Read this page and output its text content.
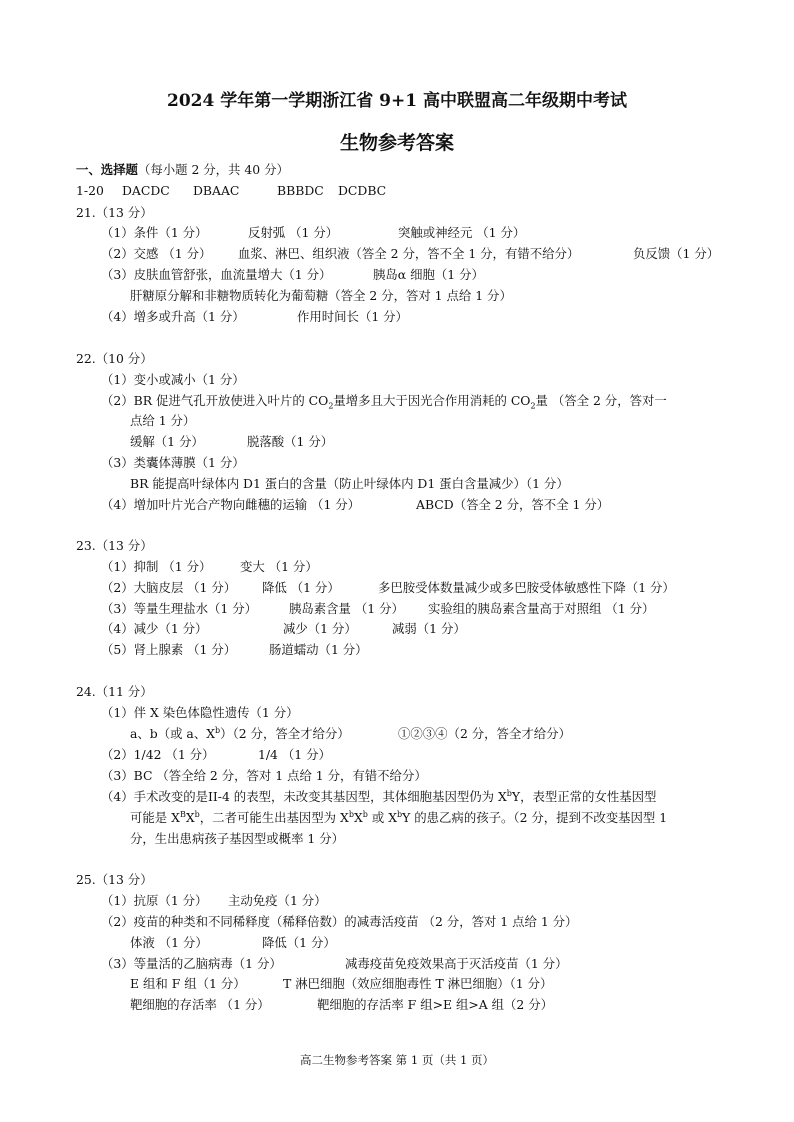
2024 学年第一学期浙江省 9+1 高中联盟高二年级期中考试
生物参考答案
一、选择题（每小题 2 分，共 40 分）
1-20 DACDC DBAAC	BBBDC DCDBC
21.（13 分）
（1）条件（1 分）	反射弧 （1 分）	突触或神经元 （1 分）
（2）交感 （1 分） 血浆、淋巴、组织液（答全 2 分，答不全 1 分，有错不给分）	负反馈（1 分）
（3）皮肤血管舒张，血流量增大（1 分）	胰岛α 细胞（1 分）
肝糖原分解和非糖物质转化为葡萄糖（答全 2 分，答对 1 点给 1 分）
（4）增多或升高（1 分）	作用时间长（1 分）
22.（10 分）
（1）变小或减小（1 分）
（2）BR 促进气孔开放使进入叶片的 $CO_2$量增多且大于因光合作用消耗的 $CO_2$量 （答全 2 分，答对一
点给 1 分）
缓解（1 分）	脱落酸（1 分）
（3）类囊体薄膜（1 分）
BR 能提高叶绿体内 D1 蛋白的含量（防止叶绿体内 D1 蛋白含量减少）（1 分）
（4）增加叶片光合产物向雌穗的运输 （1 分）	ABCD（答全 2 分，答不全 1 分）
23.（13 分）
（1）抑制 （1 分） 变大 （1 分）
（2）大脑皮层 （1 分） 降低 （1 分）	多巴胺受体数量减少或多巴胺受体敏感性下降（1 分）
（3）等量生理盐水（1 分）	胰岛素含量 （1 分） 实验组的胰岛素含量高于对照组 （1 分）
（4）减少（1 分）	减少（1 分）	减弱（1 分）
（5）肾上腺素 （1 分）	肠道蠕动（1 分）
24.（11 分）
（1）伴 X 染色体隐性遗传（1 分）
a、b（或 a、$X^b)(2$ 分，答全才给分）	①②③④（2 分，答全才给分）
（2）1/42 （1 分）	1/4 （1 分）
（3）BC （答全给 2 分，答对 1 点给 1 分，有错不给分）
（4）手术改变的是II-4 的表型，未改变其基因型，其体细胞基因型仍为 $X^bY$，表型正常的女性基因型
可能是 $X^BX^b$，二者可能生出基因型为 $X^bX^b$ 或 $X^bY$ 的患乙病的孩子。（2 分，提到不改变基因型 1
分，生出患病孩子基因型或概率 1 分）
25.（13 分）
（1）抗原（1 分） 主动免疫（1 分）
（2）疫苗的种类和不同稀释度（稀释倍数）的减毒活疫苗 （2 分，答对 1 点给 1 分）
体液 （1 分）	降低（1 分）
（3）等量活的乙脑病毒（1 分）	减毒疫苗免疫效果高于灭活疫苗（1 分）
E 组和 F 组（1 分）	T 淋巴细胞（效应细胞毒性 T 淋巴细胞）（1 分）
靶细胞的存活率 （1 分）	靶细胞的存活率 F 组>E 组>A 组（2 分）
高二生物参考答案 第 1 页（共 1 页）
